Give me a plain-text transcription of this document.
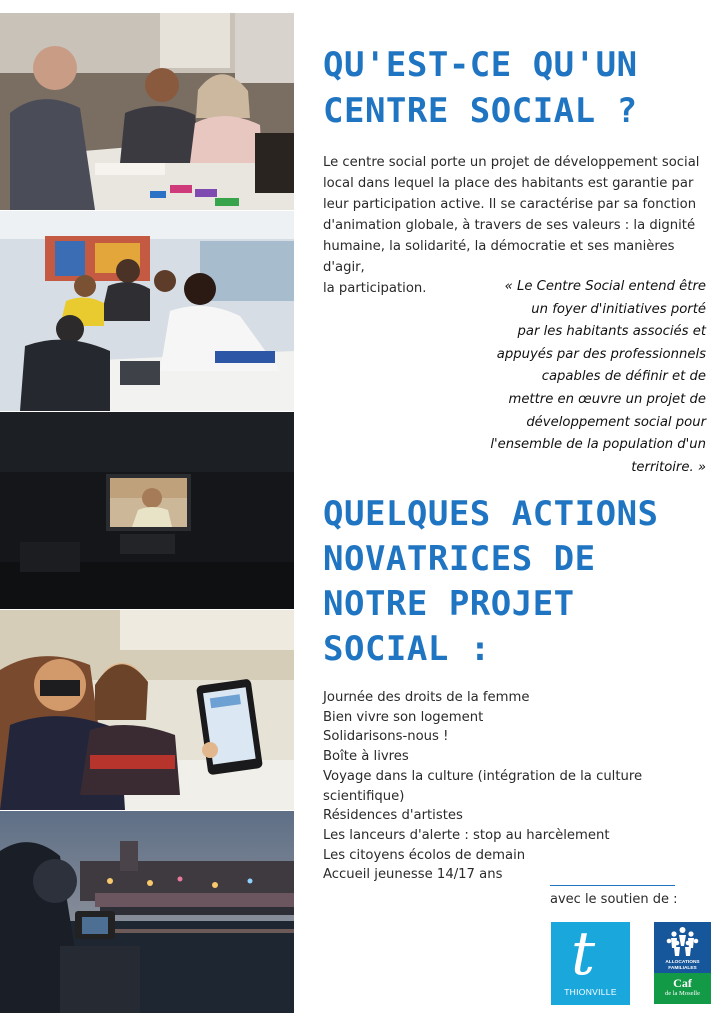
QU'EST-CE QU'UN
CENTRE SOCIAL ?
Le centre social porte un projet de développement social
local dans lequel la place des habitants est garantie par
leur participation active. Il se caractérise par sa fonction
d'animation globale, à travers de ses valeurs : la dignité
humaine, la solidarité, la démocratie et ses manières d'agir,
la participation.	« Le Centre Social entend être
un foyer d'initiatives porté
par les habitants associés et
appuyés par des professionnels
capables de définir et de
mettre en œuvre un projet de
développement social pour
l'ensemble de la population d'un
territoire. »
QUELQUES ACTIONS
NOVATRICES DE
NOTRE PROJET
SOCIAL :
Journée des droits de la femme
Bien vivre son logement
Solidarisons-nous !
Boîte à livres
Voyage dans la culture (intégration de la culture scientifique)
Résidences d'artistes
Les lanceurs d'alerte : stop au harcèlement
Les citoyens écolos de demain
Accueil jeunesse 14/17 ans
avec le soutien de :
t
THIONVILLE
ALLOCATIONS
FAMILIALES
Caf
de la Moselle
